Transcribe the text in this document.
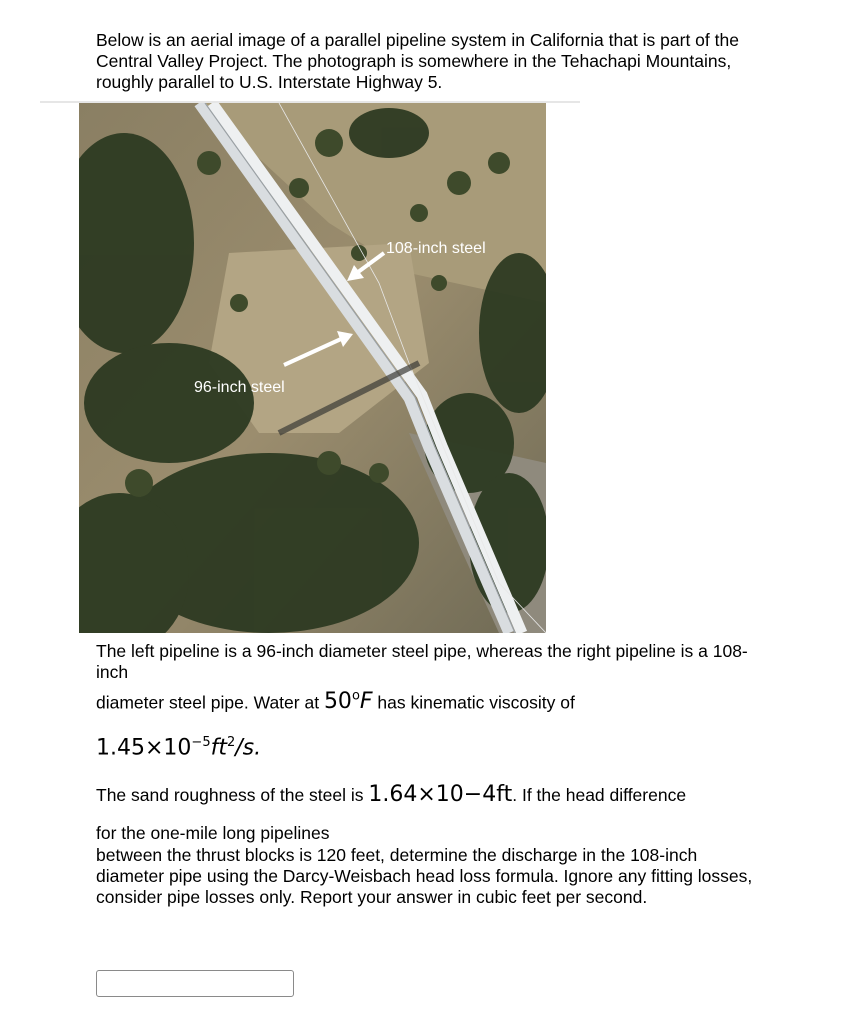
Below is an aerial image of a parallel pipeline system in California that is part of the Central Valley Project. The photograph is somewhere in the Tehachapi Mountains, roughly parallel to U.S. Interstate Highway 5.
108-inch steel
96-inch steel
The left pipeline is a 96-inch diameter steel pipe, whereas the right pipeline is a 108-inch
diameter steel pipe. Water at 50$^o$F has kinematic viscosity of
$1.45\times 10^{-5}ft^2/s$.
The sand roughness of the steel is 1.64×10−4ft. If the head difference
for the one-mile long pipelines
between the thrust blocks is 120 feet, determine the discharge in the 108-inch diameter pipe using the Darcy-Weisbach head loss formula. Ignore any fitting losses, consider pipe losses only. Report your answer in cubic feet per second.
